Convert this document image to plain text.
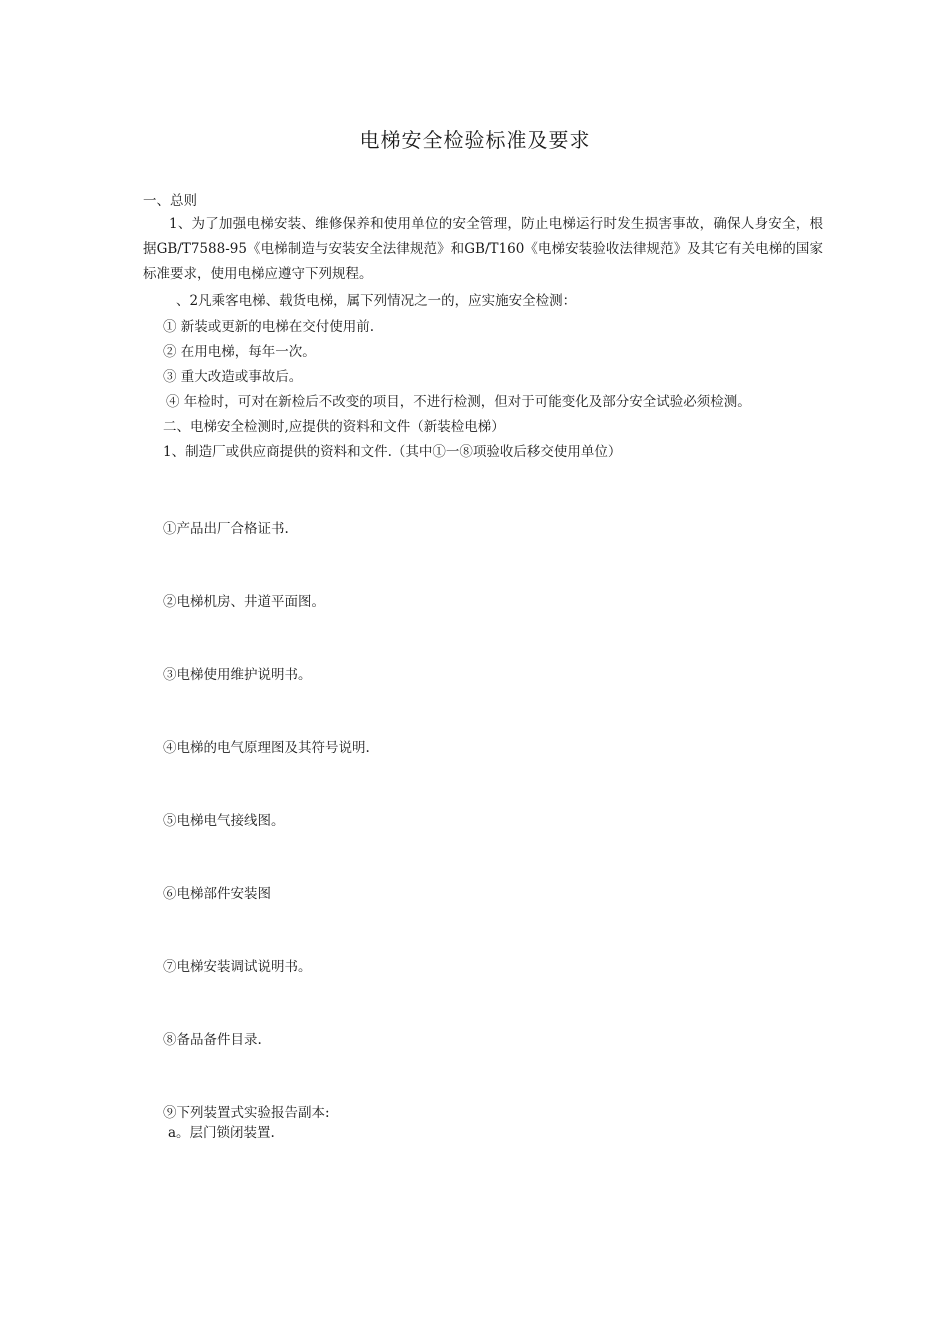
电梯安全检验标准及要求
一、总则
1、为了加强电梯安装、维修保养和使用单位的安全管理，防止电梯运行时发生损害事故，确保人身安全，根据GB/T7588-95《电梯制造与安装安全法律规范》和GB/T160《电梯安装验收法律规范》及其它有关电梯的国家标准要求，使用电梯应遵守下列规程。
、2凡乘客电梯、载货电梯，属下列情况之一的，应实施安全检测：
① 新装或更新的电梯在交付使用前.
② 在用电梯，每年一次。
③ 重大改造或事故后。
④ 年检时，可对在新检后不改变的项目，不进行检测，但对于可能变化及部分安全试验必须检测。
二、电梯安全检测时,应提供的资料和文件（新装检电梯）
1、制造厂或供应商提供的资料和文件.（其中①一⑧项验收后移交使用单位）
①产品出厂合格证书.
②电梯机房、井道平面图。
③电梯使用维护说明书。
④电梯的电气原理图及其符号说明.
⑤电梯电气接线图。
⑥电梯部件安装图
⑦电梯安装调试说明书。
⑧备品备件目录.
⑨下列装置式实验报告副本:
a。层门锁闭装置.
